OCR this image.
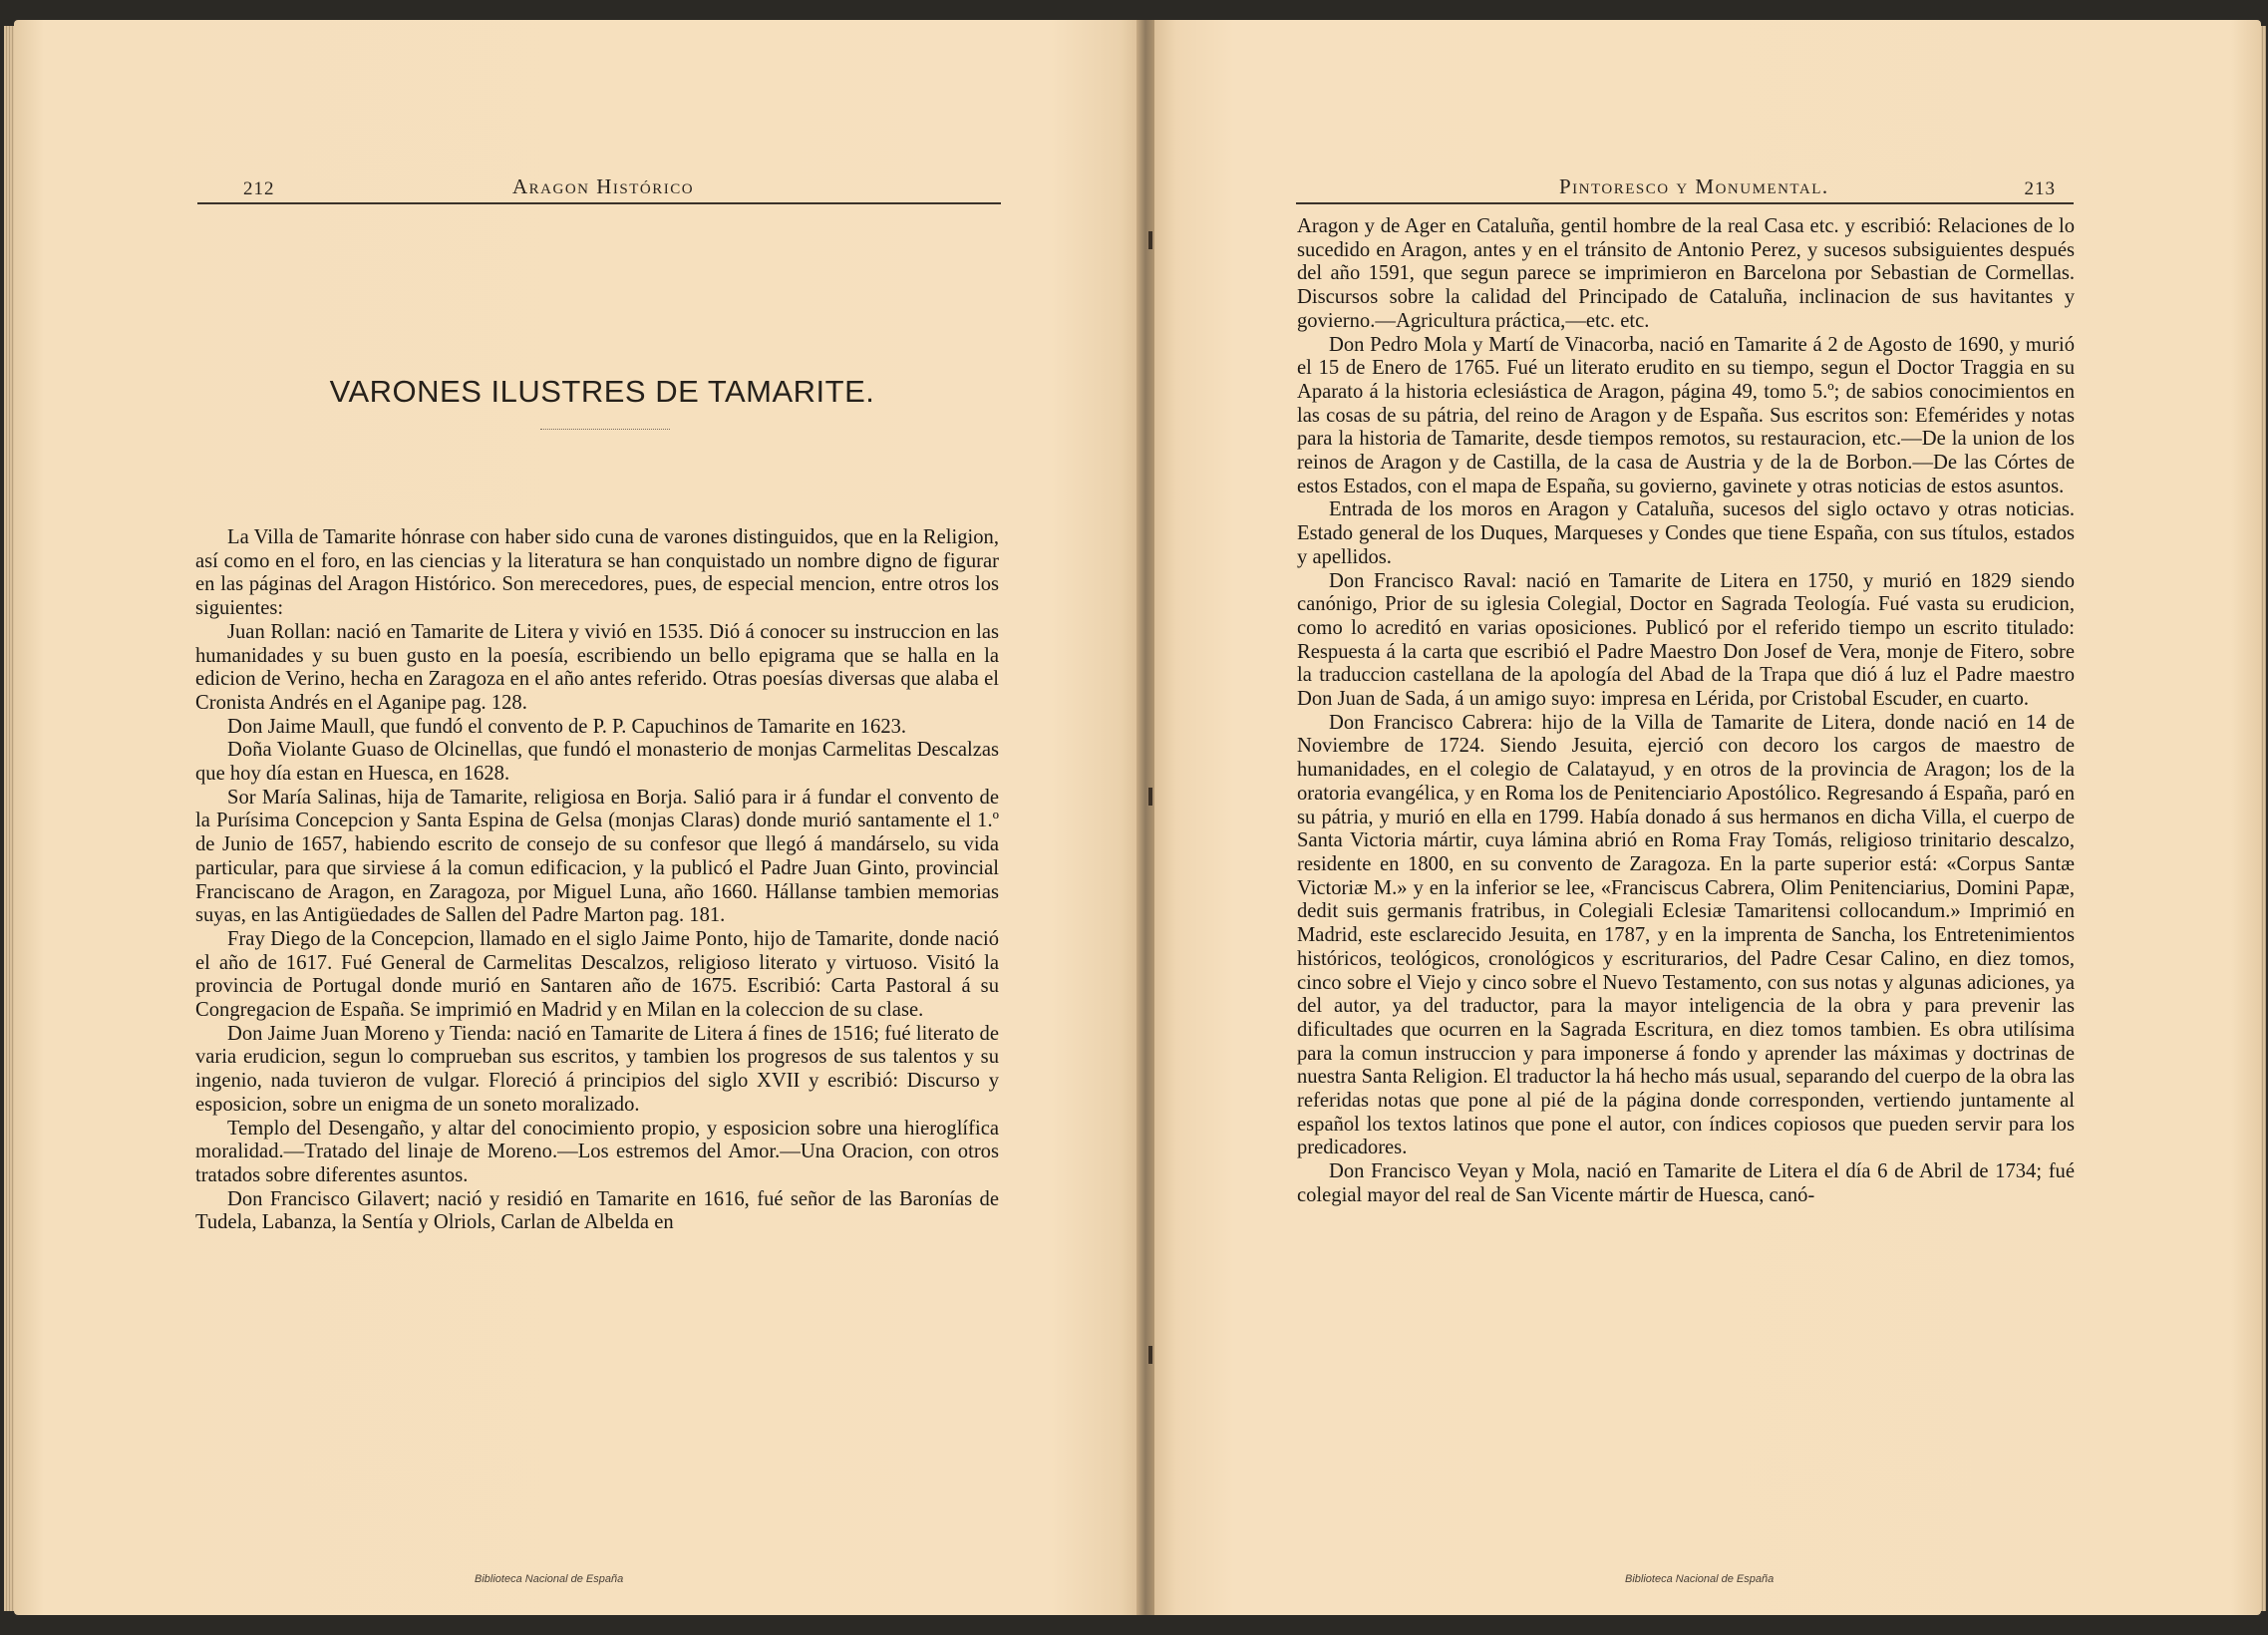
212	Aragon Histórico
VARONES ILUSTRES DE TAMARITE.

La Villa de Tamarite hónrase con haber sido cuna de varones distinguidos, que en la Religion, así como en el foro, en las ciencias y la literatura se han conquistado un nombre digno de figurar en las páginas del Aragon Histórico. Son merecedores, pues, de especial mencion, entre otros los siguientes:

Juan Rollan: nació en Tamarite de Litera y vivió en 1535. Dió á conocer su instruccion en las humanidades y su buen gusto en la poesía, escribiendo un bello epigrama que se halla en la edicion de Verino, hecha en Zaragoza en el año antes referido. Otras poesías diversas que alaba el Cronista Andrés en el Aganipe pag. 128.

Don Jaime Maull, que fundó el convento de P. P. Capuchinos de Tamarite en 1623.

Doña Violante Guaso de Olcinellas, que fundó el monasterio de monjas Carmelitas Descalzas que hoy día estan en Huesca, en 1628.

Sor María Salinas, hija de Tamarite, religiosa en Borja. Salió para ir á fundar el convento de la Purísima Concepcion y Santa Espina de Gelsa (monjas Claras) donde murió santamente el 1.º de Junio de 1657, habiendo escrito de consejo de su confesor que llegó á mandárselo, su vida particular, para que sirviese á la comun edificacion, y la publicó el Padre Juan Ginto, provincial Franciscano de Aragon, en Zaragoza, por Miguel Luna, año 1660. Hállanse tambien memorias suyas, en las Antigüedades de Sallen del Padre Marton pag. 181.

Fray Diego de la Concepcion, llamado en el siglo Jaime Ponto, hijo de Tamarite, donde nació el año de 1617. Fué General de Carmelitas Descalzos, religioso literato y virtuoso. Visitó la provincia de Portugal donde murió en Santaren año de 1675. Escribió: Carta Pastoral á su Congregacion de España. Se imprimió en Madrid y en Milan en la coleccion de su clase.

Don Jaime Juan Moreno y Tienda: nació en Tamarite de Litera á fines de 1516; fué literato de varia erudicion, segun lo comprueban sus escritos, y tambien los progresos de sus talentos y su ingenio, nada tuvieron de vulgar. Floreció á principios del siglo XVII y escribió: Discurso y esposicion, sobre un enigma de un soneto moralizado.

Templo del Desengaño, y altar del conocimiento propio, y esposicion sobre una hieroglífica moralidad.—Tratado del linaje de Moreno.—Los estremos del Amor.—Una Oracion, con otros tratados sobre diferentes asuntos.

Don Francisco Gilavert; nació y residió en Tamarite en 1616, fué señor de las Baronías de Tudela, Labanza, la Sentía y Olriols, Carlan de Albelda en

Biblioteca Nacional de España
Pintoresco y Monumental.	213

Aragon y de Ager en Cataluña, gentil hombre de la real Casa etc. y escribió: Relaciones de lo sucedido en Aragon, antes y en el tránsito de Antonio Perez, y sucesos subsiguientes después del año 1591, que segun parece se imprimieron en Barcelona por Sebastian de Cormellas. Discursos sobre la calidad del Principado de Cataluña, inclinacion de sus havitantes y govierno.—Agricultura práctica,—etc. etc.

Don Pedro Mola y Martí de Vinacorba, nació en Tamarite á 2 de Agosto de 1690, y murió el 15 de Enero de 1765. Fué un literato erudito en su tiempo, segun el Doctor Traggia en su Aparato á la historia eclesiástica de Aragon, página 49, tomo 5.º; de sabios conocimientos en las cosas de su pátria, del reino de Aragon y de España. Sus escritos son: Efemérides y notas para la historia de Tamarite, desde tiempos remotos, su restauracion, etc.—De la union de los reinos de Aragon y de Castilla, de la casa de Austria y de la de Borbon.—De las Córtes de estos Estados, con el mapa de España, su govierno, gavinete y otras noticias de estos asuntos.

Entrada de los moros en Aragon y Cataluña, sucesos del siglo octavo y otras noticias. Estado general de los Duques, Marqueses y Condes que tiene España, con sus títulos, estados y apellidos.

Don Francisco Raval: nació en Tamarite de Litera en 1750, y murió en 1829 siendo canónigo, Prior de su iglesia Colegial, Doctor en Sagrada Teología. Fué vasta su erudicion, como lo acreditó en varias oposiciones. Publicó por el referido tiempo un escrito titulado: Respuesta á la carta que escribió el Padre Maestro Don Josef de Vera, monje de Fitero, sobre la traduccion castellana de la apología del Abad de la Trapa que dió á luz el Padre maestro Don Juan de Sada, á un amigo suyo: impresa en Lérida, por Cristobal Escuder, en cuarto.

Don Francisco Cabrera: hijo de la Villa de Tamarite de Litera, donde nació en 14 de Noviembre de 1724. Siendo Jesuita, ejerció con decoro los cargos de maestro de humanidades, en el colegio de Calatayud, y en otros de la provincia de Aragon; los de la oratoria evangélica, y en Roma los de Penitenciario Apostólico. Regresando á España, paró en su pátria, y murió en ella en 1799. Había donado á sus hermanos en dicha Villa, el cuerpo de Santa Victoria mártir, cuya lámina abrió en Roma Fray Tomás, religioso trinitario descalzo, residente en 1800, en su convento de Zaragoza. En la parte superior está: «Corpus Santæ Victoriæ M.» y en la inferior se lee, «Franciscus Cabrera, Olim Penitenciarius, Domini Papæ, dedit suis germanis fratribus, in Colegiali Eclesiæ Tamaritensi collocandum.» Imprimió en Madrid, este esclarecido Jesuita, en 1787, y en la imprenta de Sancha, los Entretenimientos históricos, teológicos, cronológicos y escriturarios, del Padre Cesar Calino, en diez tomos, cinco sobre el Viejo y cinco sobre el Nuevo Testamento, con sus notas y algunas adiciones, ya del autor, ya del traductor, para la mayor inteligencia de la obra y para prevenir las dificultades que ocurren en la Sagrada Escritura, en diez tomos tambien. Es obra utilísima para la comun instruccion y para imponerse á fondo y aprender las máximas y doctrinas de nuestra Santa Religion. El traductor la há hecho más usual, separando del cuerpo de la obra las referidas notas que pone al pié de la página donde corresponden, vertiendo juntamente al español los textos latinos que pone el autor, con índices copiosos que pueden servir para los predicadores.

Don Francisco Veyan y Mola, nació en Tamarite de Litera el día 6 de Abril de 1734; fué colegial mayor del real de San Vicente mártir de Huesca, canó-

Biblioteca Nacional de España
